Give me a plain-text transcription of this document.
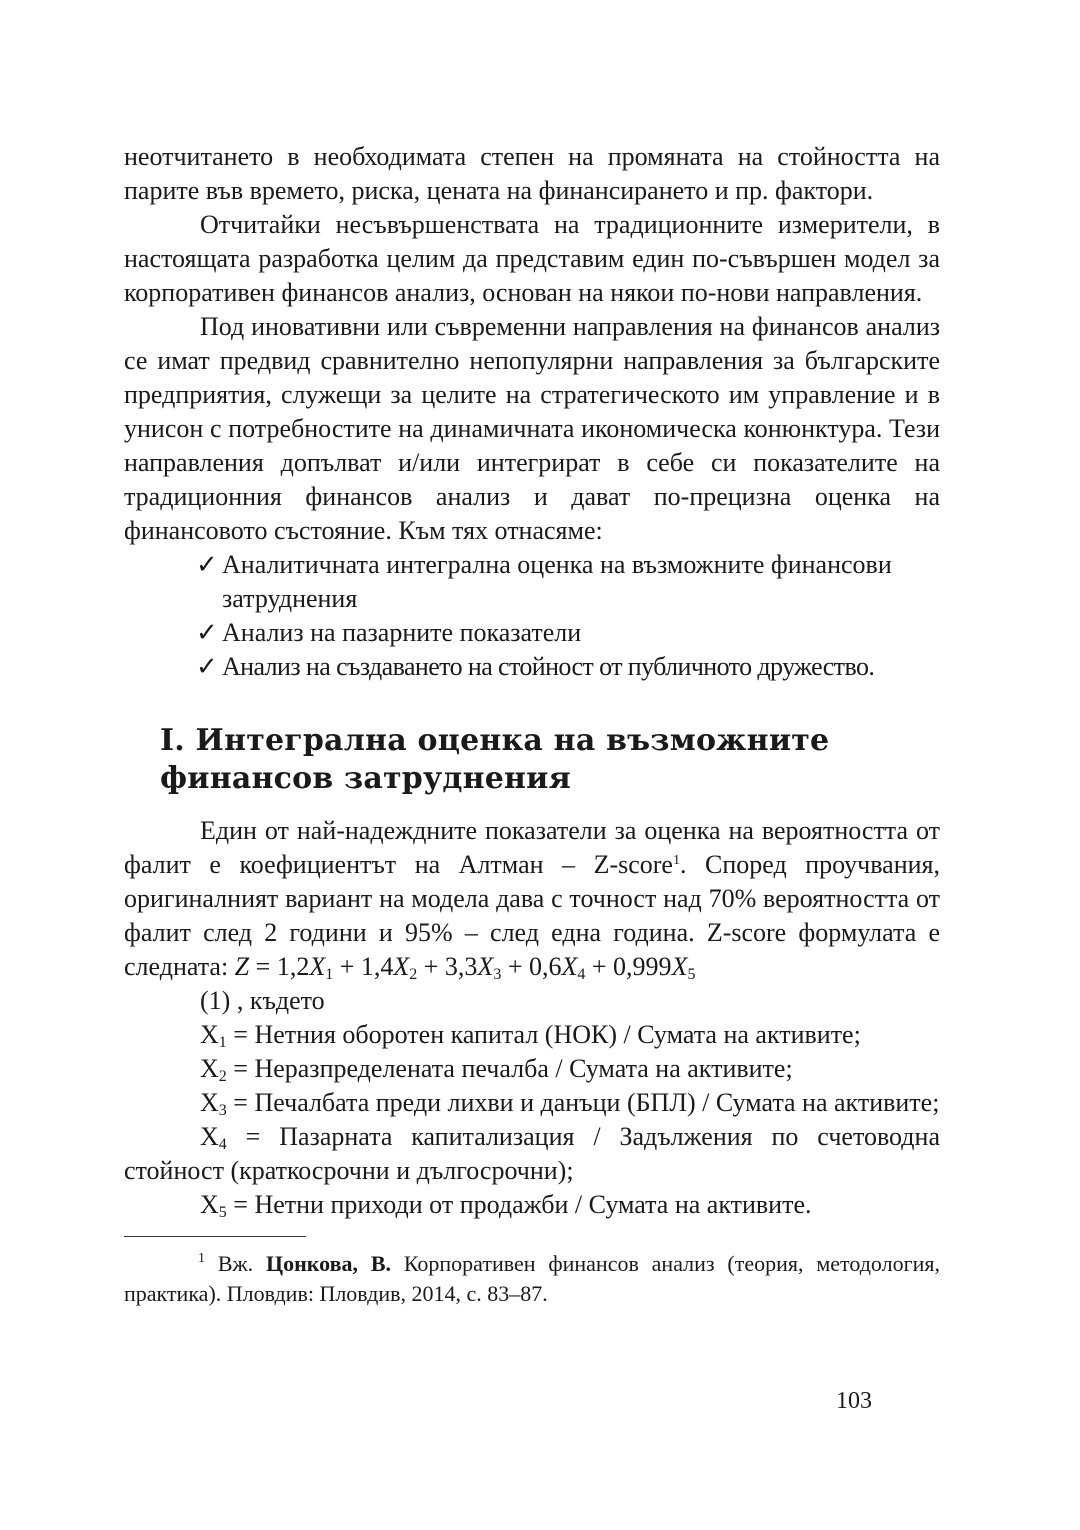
неотчитането в необходимата степен на промяната на стойността на парите във времето, риска, цената на финансирането и пр. фактори.

Отчитайки несъвършенствата на традиционните измерители, в настоящата разработка целим да представим един по-съвършен модел за корпоративен финансов анализ, основан на някои по-нови направления.

Под иновативни или съвременни направления на финансов анализ се имат предвид сравнително непопулярни направления за българските предприятия, служещи за целите на стратегическото им управление и в унисон с потребностите на динамичната икономическа конюнктура. Тези направления допълват и/или интегрират в себе си показателите на традиционния финансов анализ и дават по-прецизна оценка на финансовото състояние. Към тях отнасяме:

✓ Аналитичната интегрална оценка на възможните финансови затруднения
✓ Анализ на пазарните показатели
✓ Анализ на създаването на стойност от публичното дружество.
I. Интегрална оценка на възможните финансов затруднения

Един от най-надеждните показатели за оценка на вероятността от фалит е коефициентът на Алтман – Z-score$^1$. Според проучвания, оригиналният вариант на модела дава с точност над 70% вероятността от фалит след 2 години и 95% – след една година. Z-score формулата е следната: $Z = 1,2X_1 + 1,4X_2 + 3,3X_3 + 0,6X_4 + 0,999X_5$

(1) , където

$X_1$ = Нетния оборотен капитал (НОК) / Сумата на активите;

$X_2$ = Неразпределената печалба / Сумата на активите;

$X_3$ = Печалбата преди лихви и данъци (БПЛ) / Сумата на активите;

$X_4$ = Пазарната капитализация / Задължения по счетоводна стойност (краткосрочни и дългосрочни);

$X_5$ = Нетни приходи от продажби / Сумата на активите.

$^1$ Вж. Цонкова, В. Корпоративен финансов анализ (теория, методология, практика). Пловдив: Пловдив, 2014, с. 83–87.

103
